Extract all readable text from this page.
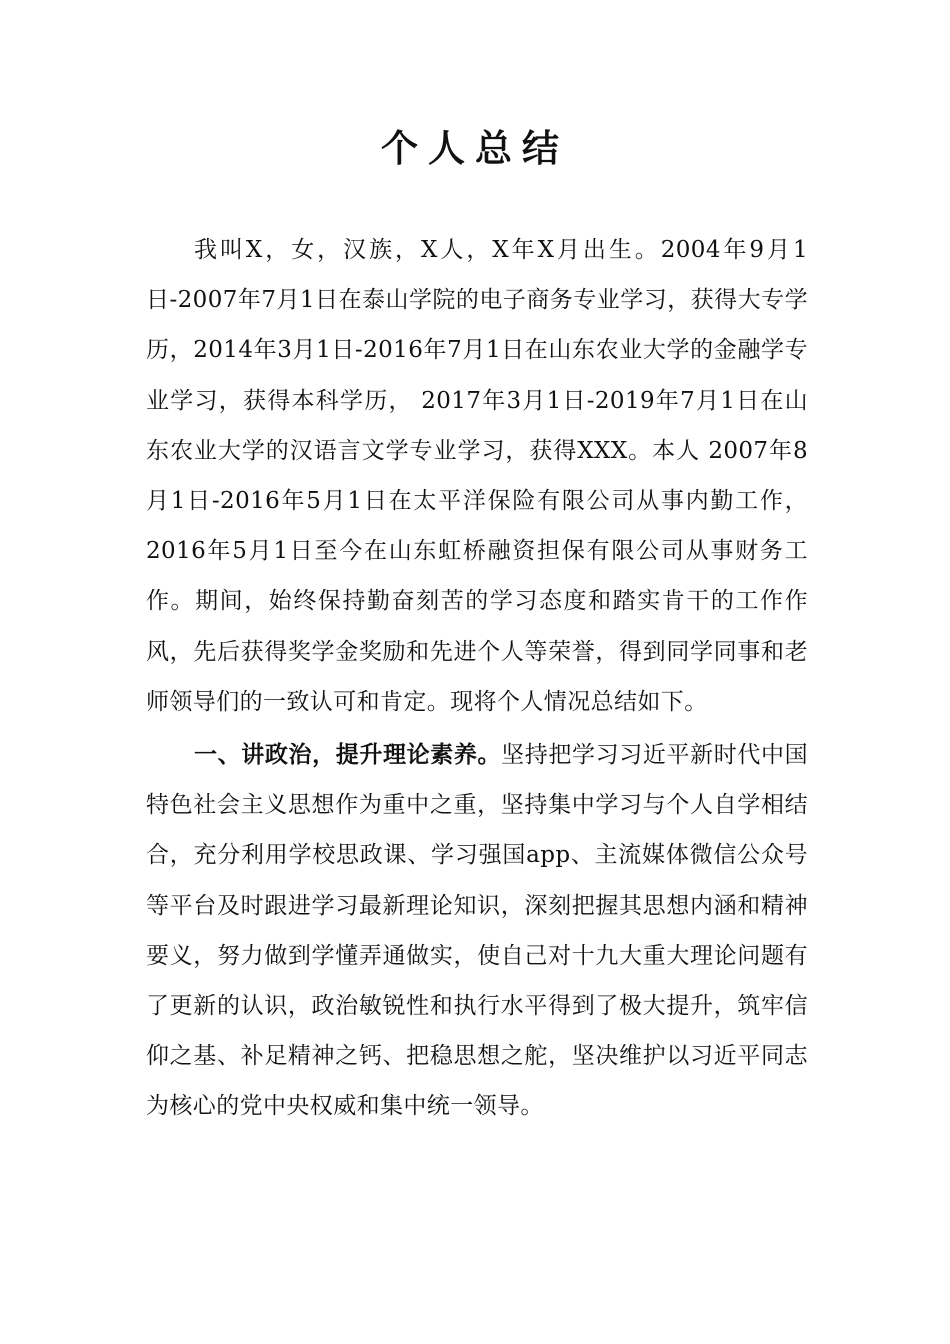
个人总结

我叫X，女，汉族，X人，X年X月出生。2004年9月1日-2007年7月1日在泰山学院的电子商务专业学习，获得大专学历，2014年3月1日-2016年7月1日在山东农业大学的金融学专业学习，获得本科学历， 2017年3月1日-2019年7月1日在山东农业大学的汉语言文学专业学习，获得XXX。本人 2007年8月1日-2016年5月1日在太平洋保险有限公司从事内勤工作，2016年5月1日至今在山东虹桥融资担保有限公司从事财务工作。期间，始终保持勤奋刻苦的学习态度和踏实肯干的工作作风，先后获得奖学金奖励和先进个人等荣誉，得到同学同事和老师领导们的一致认可和肯定。现将个人情况总结如下。

一、讲政治，提升理论素养。坚持把学习习近平新时代中国特色社会主义思想作为重中之重，坚持集中学习与个人自学相结合，充分利用学校思政课、学习强国app、主流媒体微信公众号等平台及时跟进学习最新理论知识，深刻把握其思想内涵和精神要义，努力做到学懂弄通做实，使自己对十九大重大理论问题有了更新的认识，政治敏锐性和执行水平得到了极大提升，筑牢信仰之基、补足精神之钙、把稳思想之舵，坚决维护以习近平同志为核心的党中央权威和集中统一领导。
